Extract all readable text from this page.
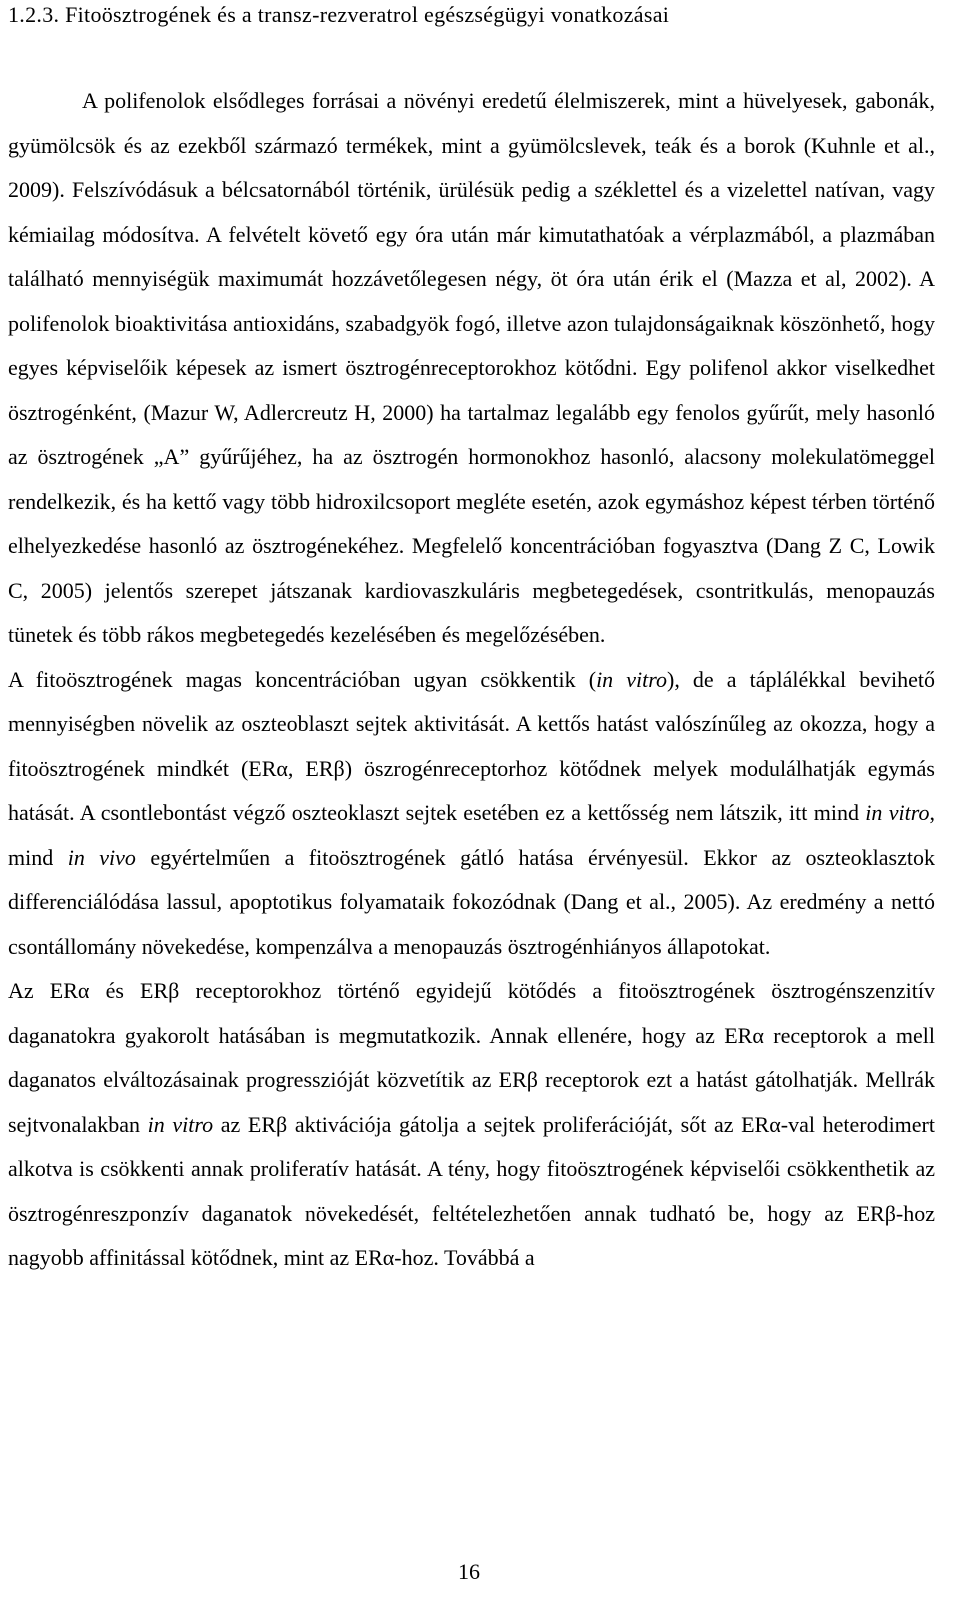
1.2.3. Fitoösztrogének és a transz-rezveratrol egészségügyi vonatkozásai

A polifenolok elsődleges forrásai a növényi eredetű élelmiszerek, mint a hüvelyesek, gabonák, gyümölcsök és az ezekből származó termékek, mint a gyümölcslevek, teák és a borok (Kuhnle et al., 2009). Felszívódásuk a bélcsatornából történik, ürülésük pedig a széklettel és a vizelettel natívan, vagy kémiailag módosítva. A felvételt követő egy óra után már kimutathatóak a vérplazmából, a plazmában található mennyiségük maximumát hozzávetőlegesen négy, öt óra után érik el (Mazza et al, 2002). A polifenolok bioaktivitása antioxidáns, szabadgyök fogó, illetve azon tulajdonságaiknak köszönhető, hogy egyes képviselőik képesek az ismert ösztrogénreceptorokhoz kötődni. Egy polifenol akkor viselkedhet ösztrogénként, (Mazur W, Adlercreutz H, 2000) ha tartalmaz legalább egy fenolos gyűrűt, mely hasonló az ösztrogének „A” gyűrűjéhez, ha az ösztrogén hormonokhoz hasonló, alacsony molekulatömeggel rendelkezik, és ha kettő vagy több hidroxilcsoport megléte esetén, azok egymáshoz képest térben történő elhelyezkedése hasonló az ösztrogénekéhez. Megfelelő koncentrációban fogyasztva (Dang Z C, Lowik C, 2005) jelentős szerepet játszanak kardiovaszkuláris megbetegedések, csontritkulás, menopauzás tünetek és több rákos megbetegedés kezelésében és megelőzésében.

A fitoösztrogének magas koncentrációban ugyan csökkentik (in vitro), de a táplálékkal bevihető mennyiségben növelik az oszteoblaszt sejtek aktivitását. A kettős hatást valószínűleg az okozza, hogy a fitoösztrogének mindkét (ERα, ERβ) öszrogénreceptorhoz kötődnek melyek modulálhatják egymás hatását. A csontlebontást végző oszteoklaszt sejtek esetében ez a kettősség nem látszik, itt mind in vitro, mind in vivo egyértelműen a fitoösztrogének gátló hatása érvényesül. Ekkor az oszteoklasztok differenciálódása lassul, apoptotikus folyamataik fokozódnak (Dang et al., 2005). Az eredmény a nettó csontállomány növekedése, kompenzálva a menopauzás ösztrogénhiányos állapotokat.

Az ERα és ERβ receptorokhoz történő egyidejű kötődés a fitoösztrogének ösztrogénszenzitív daganatokra gyakorolt hatásában is megmutatkozik. Annak ellenére, hogy az ERα receptorok a mell daganatos elváltozásainak progresszióját közvetítik az ERβ receptorok ezt a hatást gátolhatják. Mellrák sejtvonalakban in vitro az ERβ aktivációja gátolja a sejtek proliferációját, sőt az ERα-val heterodimert alkotva is csökkenti annak proliferatív hatását. A tény, hogy fitoösztrogének képviselői csökkenthetik az ösztrogénreszponzív daganatok növekedését, feltételezhetően annak tudható be, hogy az ERβ-hoz nagyobb affinitással kötődnek, mint az ERα-hoz. Továbbá a

16
